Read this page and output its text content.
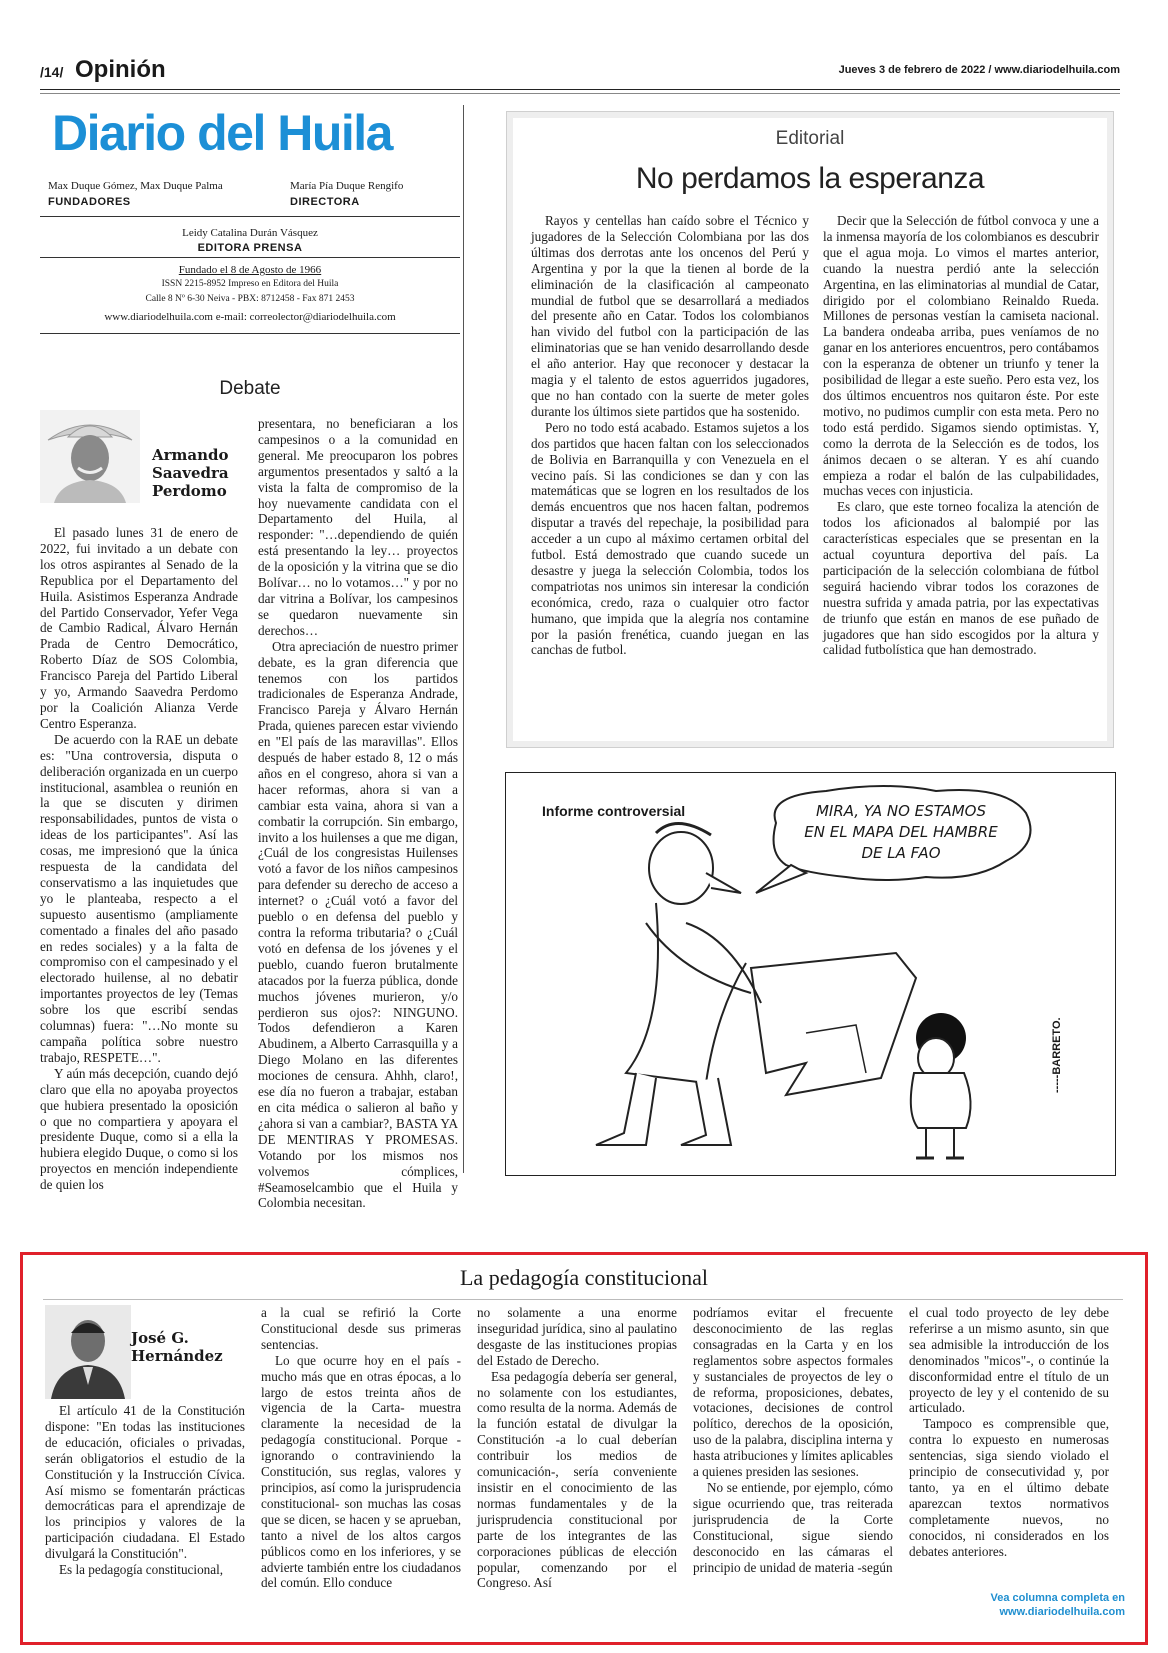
/14/ Opinión	Jueves 3 de febrero de 2022 / www.diariodelhuila.com
Diario del Huila
Max Duque Gómez, Max Duque Palma
FUNDADORES
María Pía Duque Rengifo
DIRECTORA
Leidy Catalina Durán Vásquez
EDITORA PRENSA
Fundado el 8 de Agosto de 1966
ISSN 2215-8952 Impreso en Editora del Huila
Calle 8 Nº 6-30 Neiva - PBX: 8712458 - Fax 871 2453
www.diariodelhuila.com e-mail: correolector@diariodelhuila.com
Debate
Armando
Saavedra
Perdomo

El pasado lunes 31 de enero de 2022, fui invitado a un debate con los otros aspirantes al Senado de la Republica por el Departamento del Huila. Asistimos Esperanza Andrade del Partido Conservador, Yefer Vega de Cambio Radical, Álvaro Hernán Prada de Centro Democrático, Roberto Díaz de SOS Colombia, Francisco Pareja del Partido Liberal y yo, Armando Saavedra Perdomo por la Coalición Alianza Verde Centro Esperanza.

De acuerdo con la RAE un debate es: "Una controversia, disputa o deliberación organizada en un cuerpo institucional, asamblea o reunión en la que se discuten y dirimen responsabilidades, puntos de vista o ideas de los participantes". Así las cosas, me impresionó que la única respuesta de la candidata del conservatismo a las inquietudes que yo le planteaba, respecto a el supuesto ausentismo (ampliamente comentado a finales del año pasado en redes sociales) y a la falta de compromiso con el campesinado y el electorado huilense, al no debatir importantes proyectos de ley (Temas sobre los que escribí sendas columnas) fuera: "…No monte su campaña política sobre nuestro trabajo, RESPETE…".

Y aún más decepción, cuando dejó claro que ella no apoyaba proyectos que hubiera presentado la oposición o que no compartiera y apoyara el presidente Duque, como si a ella la hubiera elegido Duque, o como si los proyectos en mención independiente de quien los

presentara, no beneficiaran a los campesinos o a la comunidad en general. Me preocuparon los pobres argumentos presentados y saltó a la vista la falta de compromiso de la hoy nuevamente candidata con el Departamento del Huila, al responder: "…dependiendo de quién está presentando la ley… proyectos de la oposición y la vitrina que se dio Bolívar… no lo votamos…" y por no dar vitrina a Bolívar, los campesinos se quedaron nuevamente sin derechos…

Otra apreciación de nuestro primer debate, es la gran diferencia que tenemos con los partidos tradicionales de Esperanza Andrade, Francisco Pareja y Álvaro Hernán Prada, quienes parecen estar viviendo en "El país de las maravillas". Ellos después de haber estado 8, 12 o más años en el congreso, ahora si van a hacer reformas, ahora si van a cambiar esta vaina, ahora si van a combatir la corrupción. Sin embargo, invito a los huilenses a que me digan, ¿Cuál de los congresistas Huilenses votó a favor de los niños campesinos para defender su derecho de acceso a internet? o ¿Cuál votó a favor del pueblo o en defensa del pueblo y contra la reforma tributaria? o ¿Cuál votó en defensa de los jóvenes y el pueblo, cuando fueron brutalmente atacados por la fuerza pública, donde muchos jóvenes murieron, y/o perdieron sus ojos?: NINGUNO. Todos defendieron a Karen Abudinem, a Alberto Carrasquilla y a Diego Molano en las diferentes mociones de censura. Ahhh, claro!, ese día no fueron a trabajar, estaban en cita médica o salieron al baño y ¿ahora si van a cambiar?, BASTA YA DE MENTIRAS Y PROMESAS. Votando por los mismos nos volvemos cómplices, #Seamoselcambio que el Huila y Colombia necesitan.

Editorial
No perdamos la esperanza

Rayos y centellas han caído sobre el Técnico y jugadores de la Selección Colombiana por las dos últimas dos derrotas ante los oncenos del Perú y Argentina y por la que la tienen al borde de la eliminación de la clasificación al campeonato mundial de futbol que se desarrollará a mediados del presente año en Catar. Todos los colombianos han vivido del futbol con la participación de las eliminatorias que se han venido desarrollando desde el año anterior. Hay que reconocer y destacar la magia y el talento de estos aguerridos jugadores, que no han contado con la suerte de meter goles durante los últimos siete partidos que ha sostenido.

Pero no todo está acabado. Estamos sujetos a los dos partidos que hacen faltan con los seleccionados de Bolivia en Barranquilla y con Venezuela en el vecino país. Si las condiciones se dan y con las matemáticas que se logren en los resultados de los demás encuentros que nos hacen faltan, podremos disputar a través del repechaje, la posibilidad para acceder a un cupo al máximo certamen orbital del futbol. Está demostrado que cuando sucede un desastre y juega la selección Colombia, todos los compatriotas nos unimos sin interesar la condición económica, credo, raza o cualquier otro factor humano, que impida que la alegría nos contamine por la pasión frenética, cuando juegan en las canchas de futbol.

Decir que la Selección de fútbol convoca y une a la inmensa mayoría de los colombianos es descubrir que el agua moja. Lo vimos el martes anterior, cuando la nuestra perdió ante la selección Argentina, en las eliminatorias al mundial de Catar, dirigido por el colombiano Reinaldo Rueda. Millones de personas vestían la camiseta nacional. La bandera ondeaba arriba, pues veníamos de no ganar en los anteriores encuentros, pero contábamos con la esperanza de obtener un triunfo y tener la posibilidad de llegar a este sueño. Pero esta vez, los dos últimos encuentros nos quitaron éste. Por este motivo, no pudimos cumplir con esta meta. Pero no todo está perdido. Sigamos siendo optimistas. Y, como la derrota de la Selección es de todos, los ánimos decaen o se alteran. Y es ahí cuando empieza a rodar el balón de las culpabilidades, muchas veces con injusticia.

Es claro, que este torneo focaliza la atención de todos los aficionados al balompié por las características especiales que se presentan en la actual coyuntura deportiva del país. La participación de la selección colombiana de fútbol seguirá haciendo vibrar todos los corazones de nuestra sufrida y amada patria, por las expectativas de triunfo que están en manos de ese puñado de jugadores que han sido escogidos por la altura y calidad futbolística que han demostrado.

Informe controversial	MIRA, YA NO ESTAMOS
EN EL MAPA DEL HAMBRE
DE LA FAO
-----BARRETO.
La pedagogía constitucional
José G.
Hernández

El artículo 41 de la Constitución dispone: "En todas las instituciones de educación, oficiales o privadas, serán obligatorios el estudio de la Constitución y la Instrucción Cívica. Así mismo se fomentarán prácticas democráticas para el aprendizaje de los principios y valores de la participación ciudadana. El Estado divulgará la Constitución".

Es la pedagogía constitucional,

a la cual se refirió la Corte Constitucional desde sus primeras sentencias.

Lo que ocurre hoy en el país -mucho más que en otras épocas, a lo largo de estos treinta años de vigencia de la Carta- muestra claramente la necesidad de la pedagogía constitucional. Porque -ignorando o contraviniendo la Constitución, sus reglas, valores y principios, así como la jurisprudencia constitucional- son muchas las cosas que se dicen, se hacen y se aprueban, tanto a nivel de los altos cargos públicos como en los inferiores, y se advierte también entre los ciudadanos del común. Ello conduce

no solamente a una enorme inseguridad jurídica, sino al paulatino desgaste de las instituciones propias del Estado de Derecho.

Esa pedagogía debería ser general, no solamente con los estudiantes, como resulta de la norma. Además de la función estatal de divulgar la Constitución -a lo cual deberían contribuir los medios de comunicación-, sería conveniente insistir en el conocimiento de las normas fundamentales y de la jurisprudencia constitucional por parte de los integrantes de las corporaciones públicas de elección popular, comenzando por el Congreso. Así

podríamos evitar el frecuente desconocimiento de las reglas consagradas en la Carta y en los reglamentos sobre aspectos formales y sustanciales de proyectos de ley o de reforma, proposiciones, debates, votaciones, decisiones de control político, derechos de la oposición, uso de la palabra, disciplina interna y hasta atribuciones y límites aplicables a quienes presiden las sesiones.

No se entiende, por ejemplo, cómo sigue ocurriendo que, tras reiterada jurisprudencia de la Corte Constitucional, sigue siendo desconocido en las cámaras el principio de unidad de materia -según

el cual todo proyecto de ley debe referirse a un mismo asunto, sin que sea admisible la introducción de los denominados "micos"-, o continúe la disconformidad entre el título de un proyecto de ley y el contenido de su articulado.

Tampoco es comprensible que, contra lo expuesto en numerosas sentencias, siga siendo violado el principio de consecutividad y, por tanto, ya en el último debate aparezcan textos normativos completamente nuevos, no conocidos, ni considerados en los debates anteriores.

Vea columna completa en
www.diariodelhuila.com
